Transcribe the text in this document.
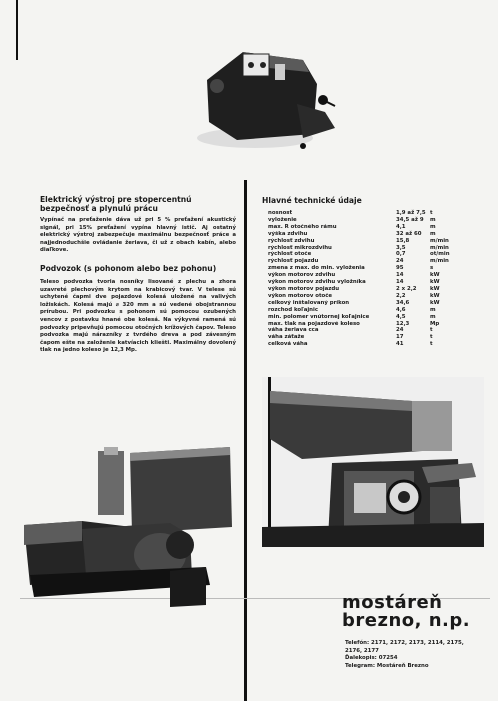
Elektrický výstroj pre stopercentnú bezpečnosť a plynulú prácu

Vypínač na preťaženie dáva už pri 5 % preťažení akustický signál, pri 15% preťažení vypína hlavný istič. Aj ostatný elektrický výstroj zabezpečuje maximálnu bezpečnosť práce a najjednoduchšie ovládanie žeriava, či už z obach kabín, alebo diaľkove.

Podvozok (s pohonom alebo bez pohonu)

Teleso podvozka tvoria nosníky lisované z plechu a zhora uzavreté plechovým krytom na krabicový tvar. V telese sú uchytené čapmi dve pojazdové kolesá uložené na valivých ložiskách. Kolesá majú ⌀ 320 mm a sú vedené obojstrannou prírubou. Pri podvozku s pohonom sú pomocou ozubených vencov z postavku hnané obe kolesá. Na výkyvné ramená sú podvozky pripevňujú pomocou otočných krížových čapov. Teleso podvozka majú nárazníky z tvrdého dreva a pod závesným čapom ešte na založenie katvíacich kliešti. Maximálny dovolený tlak na jedno koleso je 12,3 Mp.

Hlavné technické údaje
nosnosť	1,9 až 7,5 t
vyloženie	34,5 až 9	m
max. R otočného rámu	4,1	m
výška zdvihu	32 až 60	m
rýchlosť zdvihu	15,8	m/min
rýchlosť mikrozdvihu	3,5	m/min
rýchlosť otoče	0,7	ot/min
rýchlosť pojazdu	24	m/min
zmena z max. do min. vyloženia	95	s
výkon motorov zdvihu	14	kW
výkon motorov zdvihu vyložníka	14	kW
výkon motorov pojazdu	2 x 2,2	kW
výkon motorov otoče	2,2	kW
celkový inštalovaný príkon	34,6	kW
rozchod koľajnic	4,6	m
min. polomer vnútornej koľajnice	4,5	m
max. tlak na pojazdové koleso	12,3	Mp
váha žeriava cca	24	t
váha záťaže	17	t
celková váha	41	t
mostáreň
brezno, n.p.
Telefón: 2171, 2172, 2173, 2114, 2175, 2176, 2177
Ďalekopis: 07254
Telegram: Mostáreň Brezno
